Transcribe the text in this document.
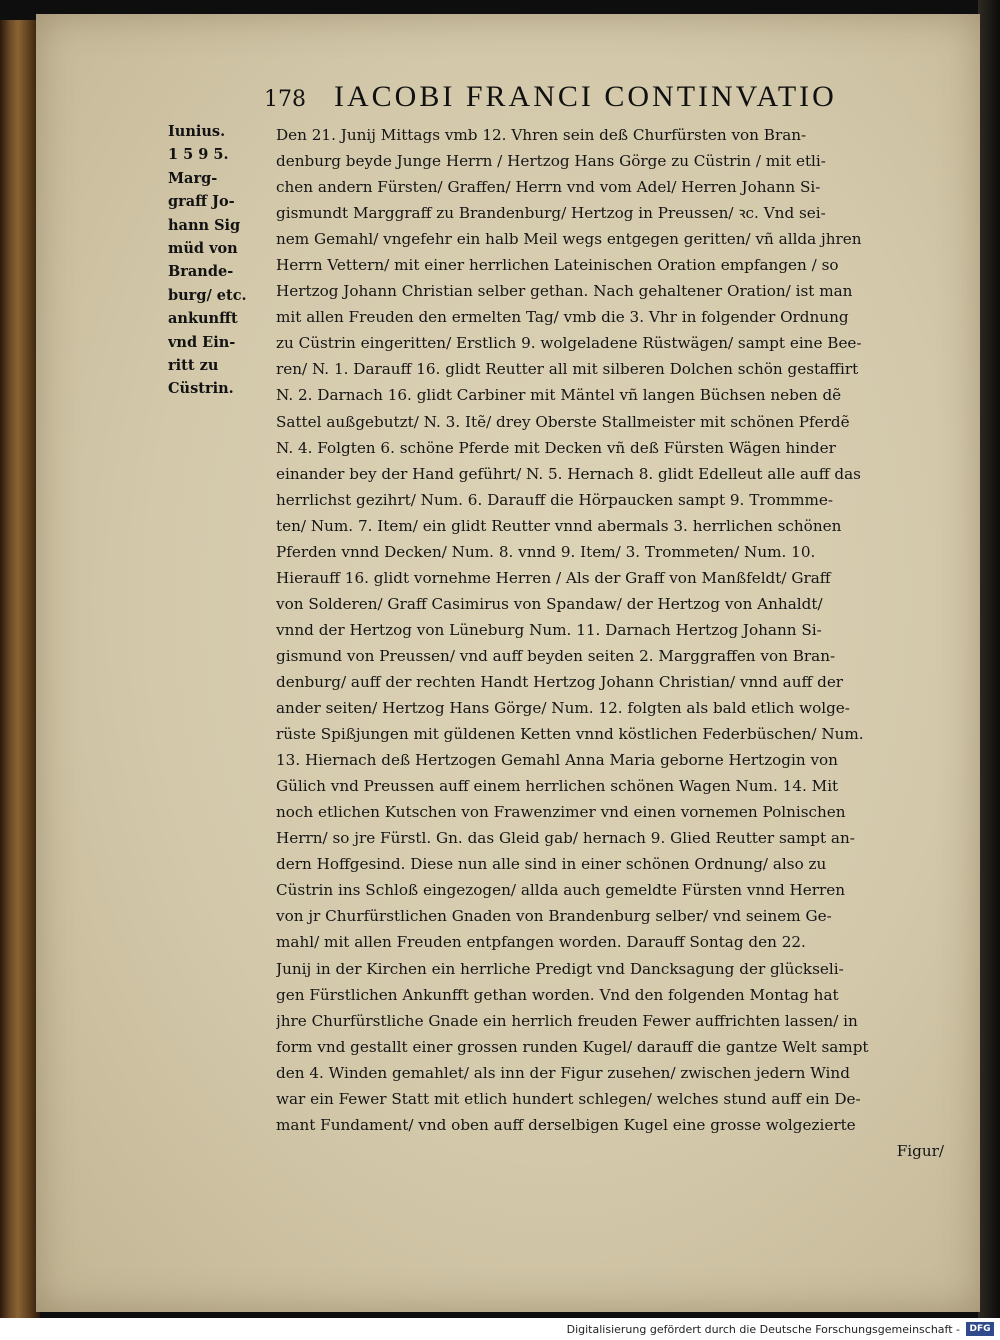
178 IACOBI FRANCI CONTINVATIO
Iunius.
1 5 9 5.
Marg-
graff Jo-
hann Sig
müd von
Brande-
burg/ etc.
ankunfft
vnd Ein-
ritt zu
Cüstrin.
Den 21. Junij Mittags vmb 12. Vhren sein deß Churfürsten von Bran-
denburg beyde Junge Herrn / Hertzog Hans Görge zu Cüstrin / mit etli-
chen andern Fürsten/ Graffen/ Herrn vnd vom Adel/ Herren Johann Si-
gismundt Marggraff zu Brandenburg/ Hertzog in Preussen/ ꝛc. Vnd sei-
nem Gemahl/ vngefehr ein halb Meil wegs entgegen geritten/ vñ allda jhren
Herrn Vettern/ mit einer herrlichen Lateinischen Oration empfangen / so
Hertzog Johann Christian selber gethan. Nach gehaltener Oration/ ist man
mit allen Freuden den ermelten Tag/ vmb die 3. Vhr in folgender Ordnung
zu Cüstrin eingeritten/ Erstlich 9. wolgeladene Rüstwägen/ sampt eine Bee-
ren/ N. 1. Darauff 16. glidt Reutter all mit silberen Dolchen schön gestaffirt
N. 2. Darnach 16. glidt Carbiner mit Mäntel vñ langen Büchsen neben dẽ
Sattel außgebutzt/ N. 3. Itẽ/ drey Oberste Stallmeister mit schönen Pferdẽ
N. 4. Folgten 6. schöne Pferde mit Decken vñ deß Fürsten Wägen hinder
einander bey der Hand geführt/ N. 5. Hernach 8. glidt Edelleut alle auff das
herrlichst gezihrt/ Num. 6. Darauff die Hörpaucken sampt 9. Trommme-
ten/ Num. 7. Item/ ein glidt Reutter vnnd abermals 3. herrlichen schönen
Pferden vnnd Decken/ Num. 8. vnnd 9. Item/ 3. Trommeten/ Num. 10.
Hierauff 16. glidt vornehme Herren / Als der Graff von Manßfeldt/ Graff
von Solderen/ Graff Casimirus von Spandaw/ der Hertzog von Anhaldt/
vnnd der Hertzog von Lüneburg Num. 11. Darnach Hertzog Johann Si-
gismund von Preussen/ vnd auff beyden seiten 2. Marggraffen von Bran-
denburg/ auff der rechten Handt Hertzog Johann Christian/ vnnd auff der
ander seiten/ Hertzog Hans Görge/ Num. 12. folgten als bald etlich wolge-
rüste Spißjungen mit güldenen Ketten vnnd köstlichen Federbüschen/ Num.
13. Hiernach deß Hertzogen Gemahl Anna Maria geborne Hertzogin von
Gülich vnd Preussen auff einem herrlichen schönen Wagen Num. 14. Mit
noch etlichen Kutschen von Frawenzimer vnd einen vornemen Polnischen
Herrn/ so jre Fürstl. Gn. das Gleid gab/ hernach 9. Glied Reutter sampt an-
dern Hoffgesind. Diese nun alle sind in einer schönen Ordnung/ also zu
Cüstrin ins Schloß eingezogen/ allda auch gemeldte Fürsten vnnd Herren
von jr Churfürstlichen Gnaden von Brandenburg selber/ vnd seinem Ge-
mahl/ mit allen Freuden entpfangen worden. Darauff Sontag den 22.
Junij in der Kirchen ein herrliche Predigt vnd Dancksagung der glückseli-
gen Fürstlichen Ankunfft gethan worden. Vnd den folgenden Montag hat
jhre Churfürstliche Gnade ein herrlich freuden Fewer auffrichten lassen/ in
form vnd gestallt einer grossen runden Kugel/ darauff die gantze Welt sampt
den 4. Winden gemahlet/ als inn der Figur zusehen/ zwischen jedern Wind
war ein Fewer Statt mit etlich hundert schlegen/ welches stund auff ein De-
mant Fundament/ vnd oben auff derselbigen Kugel eine grosse wolgezierte
Figur/
Digitalisierung gefördert durch die Deutsche Forschungsgemeinschaft -	DFG
